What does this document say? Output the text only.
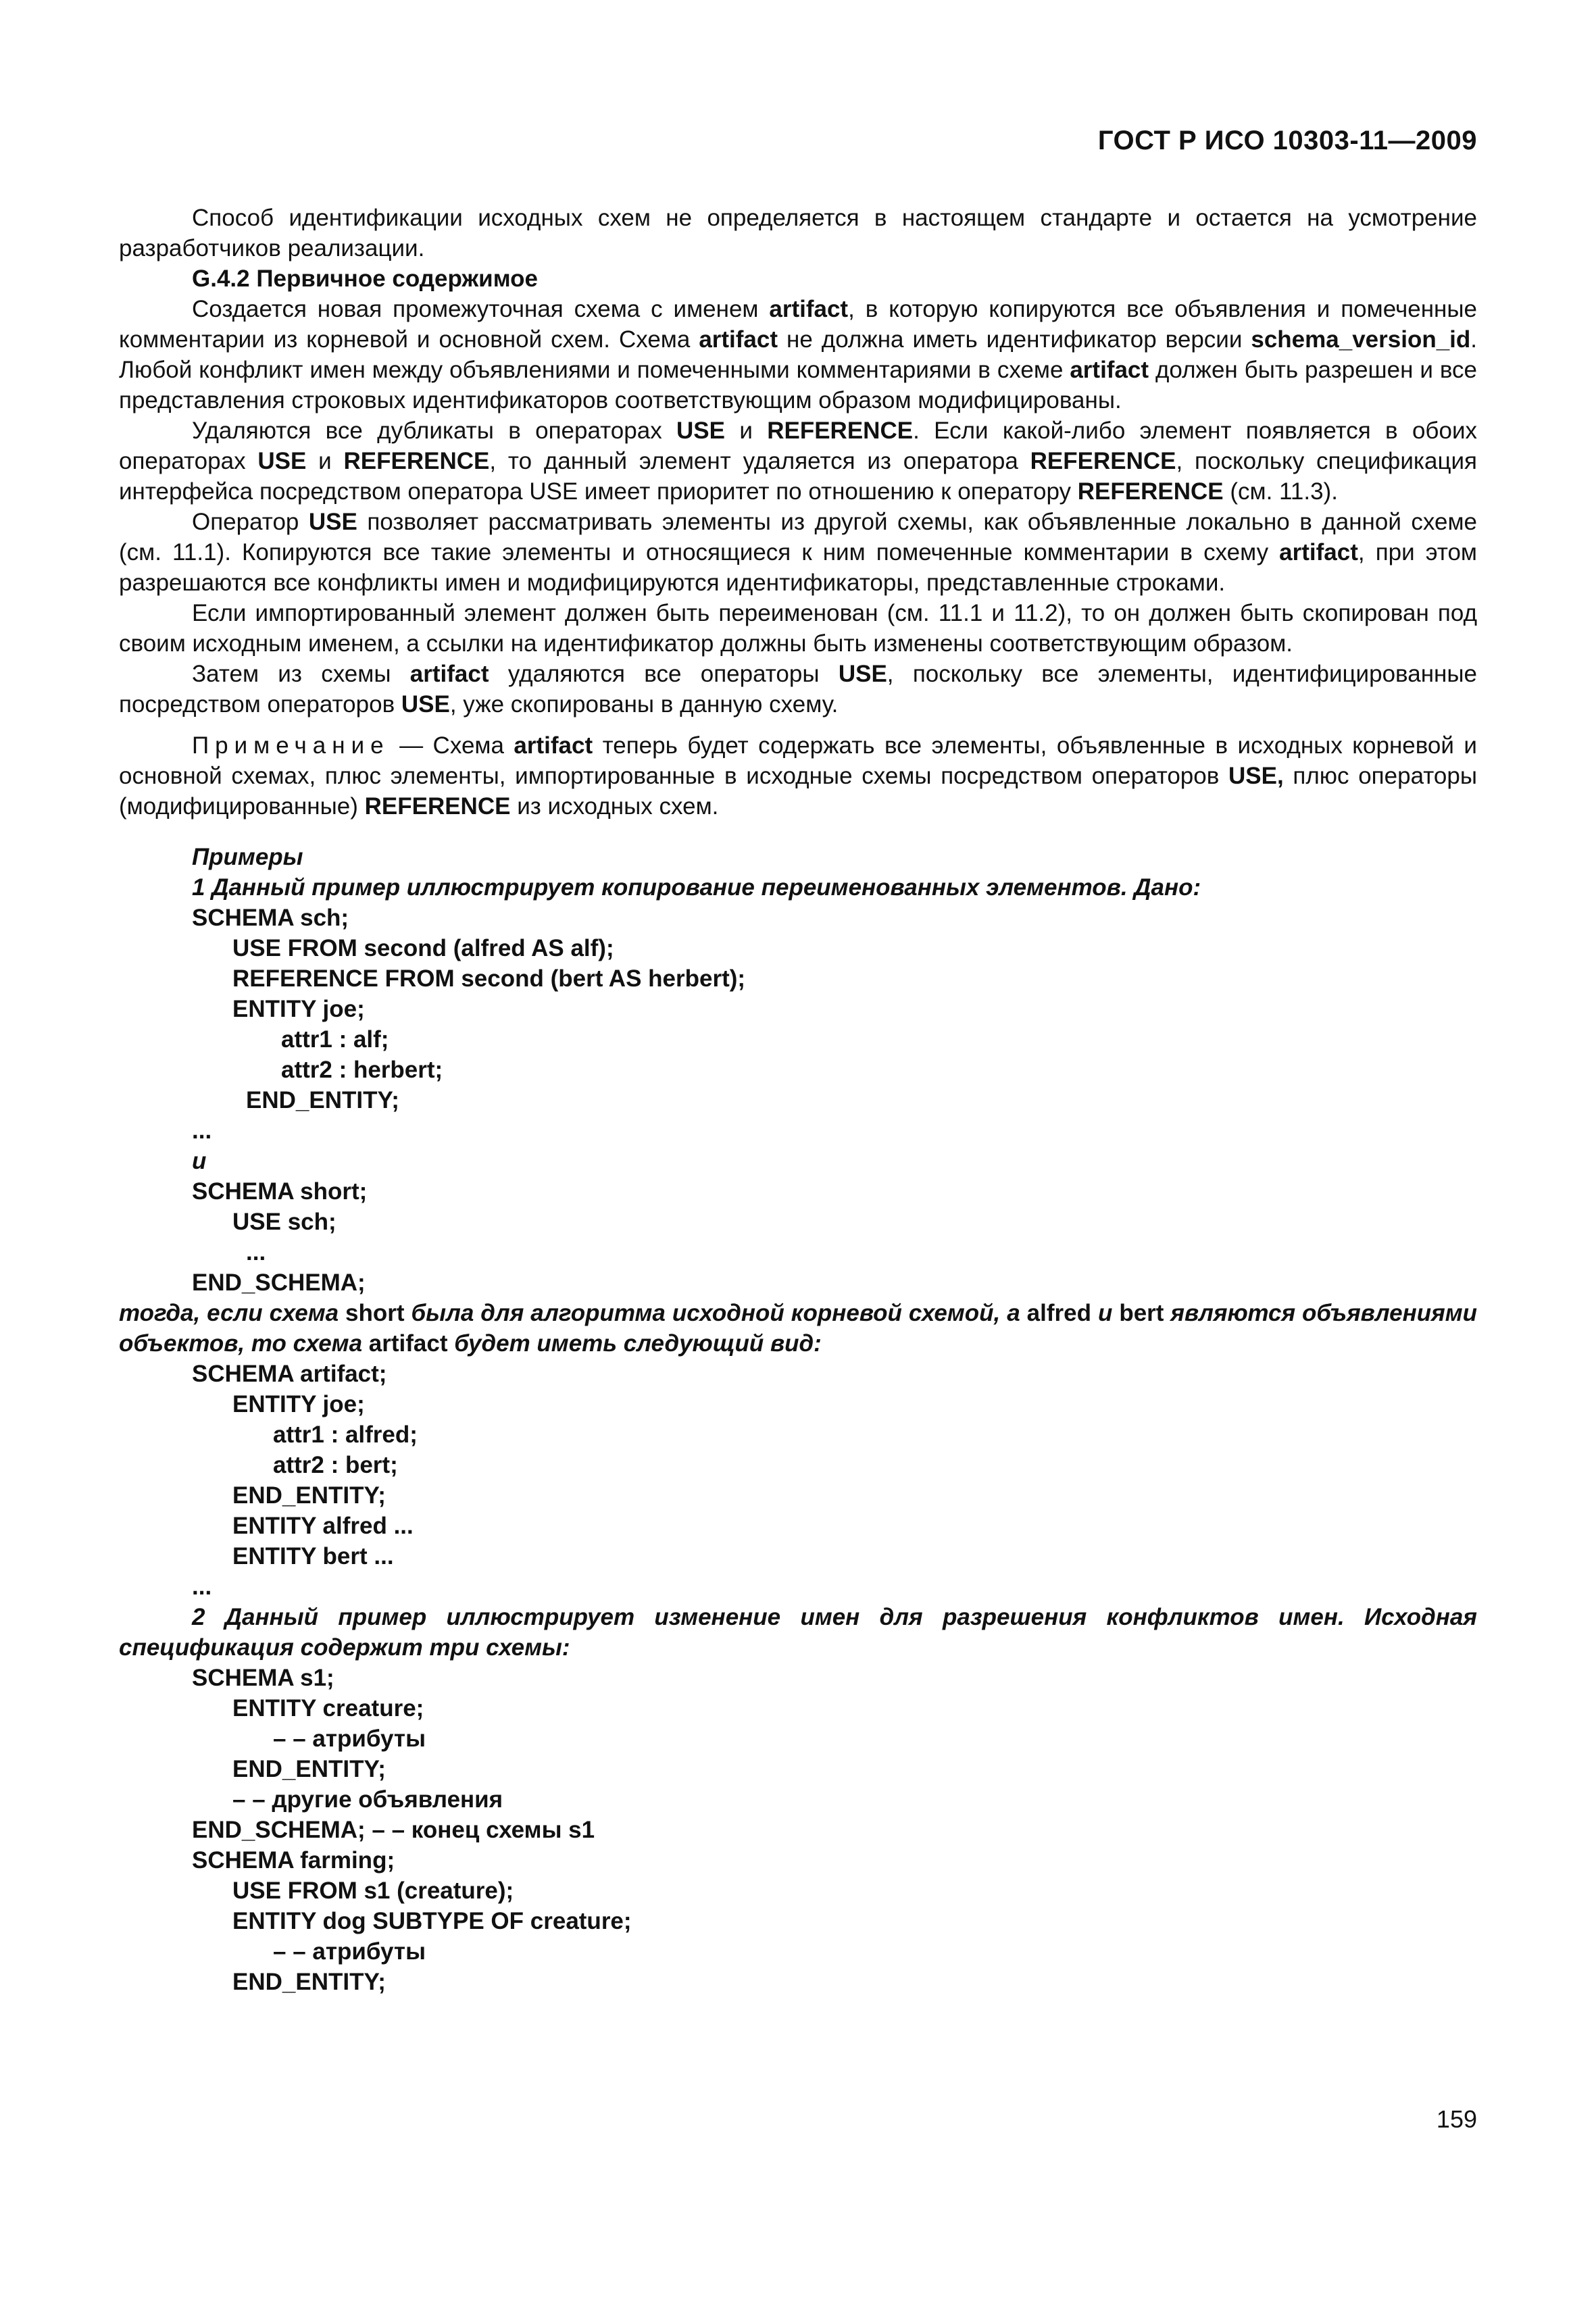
ГОСТ Р ИСО 10303-11—2009

Способ идентификации исходных схем не определяется в настоящем стандарте и остается на усмотрение разработчиков реализации.

G.4.2 Первичное содержимое

Создается новая промежуточная схема с именем artifact, в которую копируются все объявления и помеченные комментарии из корневой и основной схем. Схема artifact не должна иметь идентификатор версии schema_version_id. Любой конфликт имен между объявлениями и помеченными комментариями в схеме artifact должен быть разрешен и все представления строковых идентификаторов соответствующим образом модифицированы.

Удаляются все дубликаты в операторах USE и REFERENCE. Если какой-либо элемент появляется в обоих операторах USE и REFERENCE, то данный элемент удаляется из оператора REFERENCE, поскольку спецификация интерфейса посредством оператора USE имеет приоритет по отношению к оператору REFERENCE (см. 11.3).

Оператор USE позволяет рассматривать элементы из другой схемы, как объявленные локально в данной схеме (см. 11.1). Копируются все такие элементы и относящиеся к ним помеченные комментарии в схему artifact, при этом разрешаются все конфликты имен и модифицируются идентификаторы, представленные строками.

Если импортированный элемент должен быть переименован (см. 11.1 и 11.2), то он должен быть скопирован под своим исходным именем, а ссылки на идентификатор должны быть изменены соответствующим образом.

Затем из схемы artifact удаляются все операторы USE, поскольку все элементы, идентифицированные посредством операторов USE, уже скопированы в данную схему.

Примечание — Схема artifact теперь будет содержать все элементы, объявленные в исходных корневой и основной схемах, плюс элементы, импортированные в исходные схемы посредством операторов USE, плюс операторы (модифицированные) REFERENCE из исходных схем.

Примеры

1 Данный пример иллюстрирует копирование переименованных элементов. Дано:

SCHEMA sch;
USE FROM second (alfred AS alf);
REFERENCE FROM second (bert AS herbert);
ENTITY joe;
attr1 : alf;
attr2 : herbert;
END_ENTITY;
...
и
SCHEMA short;
USE sch;
...
END_SCHEMA;

тогда, если схема short была для алгоритма исходной корневой схемой, а alfred и bert являются объявлениями объектов, то схема artifact будет иметь следующий вид:

SCHEMA artifact;
ENTITY joe;
attr1 : alfred;
attr2 : bert;
END_ENTITY;
ENTITY alfred ...
ENTITY bert ...
...

2 Данный пример иллюстрирует изменение имен для разрешения конфликтов имен. Исходная спецификация содержит три схемы:

SCHEMA s1;
ENTITY creature;
– – атрибуты
END_ENTITY;
– – другие объявления
END_SCHEMA; – – конец схемы s1
SCHEMA farming;
USE FROM s1 (creature);
ENTITY dog SUBTYPE OF creature;
– – атрибуты
END_ENTITY;
159
